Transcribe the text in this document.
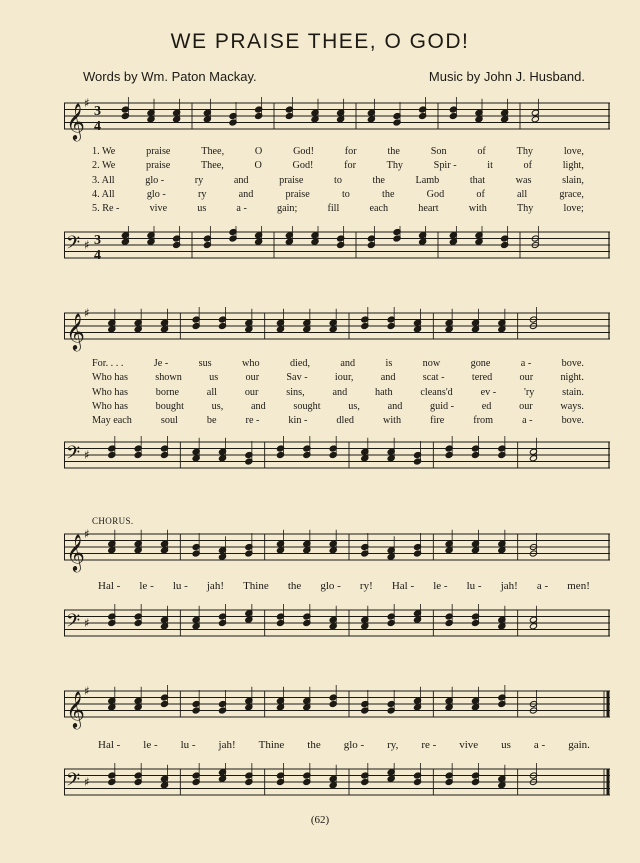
WE PRAISE THEE, O GOD!
Words by Wm. Paton Mackay.	Music by John J. Husband.
𝄞 ♯
3
4
1. We	praise	Thee,	O	God!	for	the	Son	of	Thy	love,
2. We	praise	Thee,	O	God!	for	Thy	Spir -	it	of	light,
3. All	glo -	ry	and	praise	to	the	Lamb	that	was	slain,
4. All	glo -	ry	and	praise	to	the	God	of	all	grace,
5. Re -	vive	us	a -	gain;	fill	each	heart	with	Thy	love;
𝄢 ♯ 3
4
𝄞 ♯
For. . . .	Je -	sus	who	died,	and	is	now	gone	a -	bove.
Who has	shown	us	our	Sav -	iour,	and	scat -	tered	our	night.
Who has	borne	all	our	sins,	and	hath	cleans'd	ev -	'ry	stain.
Who has	bought	us,	and	sought	us,	and	guid -	ed	our	ways.
May each	soul	be	re -	kin -	dled	with	fire	from	a -	bove.
𝄢 ♯
CHORUS.
𝄞 ♯
Hal - le - lu - jah! Thine the glo - ry! Hal - le - lu - jah! a - men!
𝄢 ♯
𝄞 ♯
Hal - le - lu - jah! Thine the glo - ry, re - vive us a - gain.
𝄢 ♯
(62)
